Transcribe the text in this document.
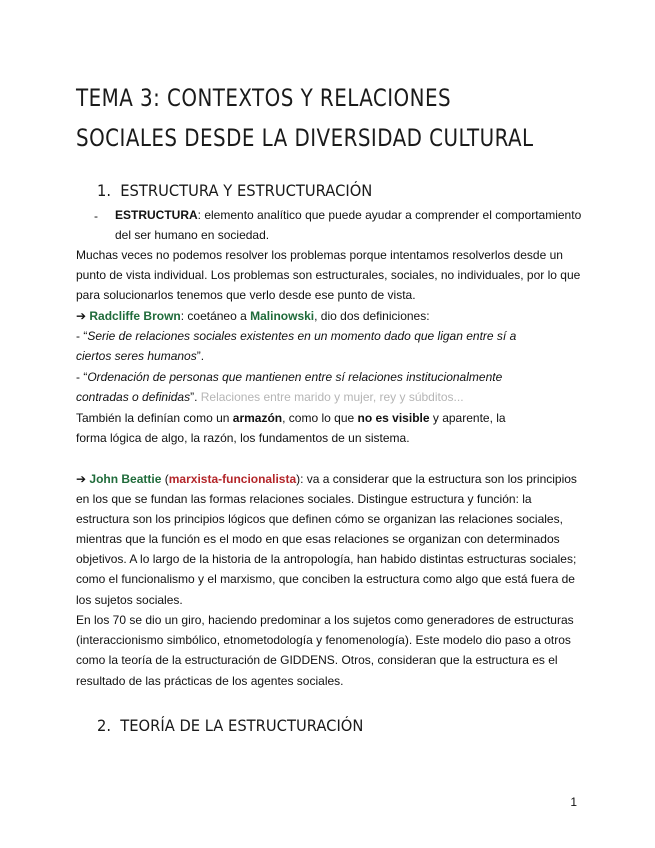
TEMA 3: CONTEXTOS Y RELACIONES SOCIALES DESDE LA DIVERSIDAD CULTURAL
1. ESTRUCTURA Y ESTRUCTURACIÓN
- ESTRUCTURA: elemento analítico que puede ayudar a comprender el comportamiento
del ser humano en sociedad.
Muchas veces no podemos resolver los problemas porque intentamos resolverlos desde un
punto de vista individual. Los problemas son estructurales, sociales, no individuales, por lo que
para solucionarlos tenemos que verlo desde ese punto de vista.
➔ Radcliffe Brown: coetáneo a Malinowski, dio dos definiciones:
- “Serie de relaciones sociales existentes en un momento dado que ligan entre sí a
ciertos seres humanos”.
- “Ordenación de personas que mantienen entre sí relaciones institucionalmente
contradas o definidas”. Relaciones entre marido y mujer, rey y súbditos...
También la definían como un armazón, como lo que no es visible y aparente, la
forma lógica de algo, la razón, los fundamentos de un sistema.
➔ John Beattie (marxista-funcionalista): va a considerar que la estructura son los principios
en los que se fundan las formas relaciones sociales. Distingue estructura y función: la
estructura son los principios lógicos que definen cómo se organizan las relaciones sociales,
mientras que la función es el modo en que esas relaciones se organizan con determinados
objetivos. A lo largo de la historia de la antropología, han habido distintas estructuras sociales;
como el funcionalismo y el marxismo, que conciben la estructura como algo que está fuera de
los sujetos sociales.
En los 70 se dio un giro, haciendo predominar a los sujetos como generadores de estructuras
(interaccionismo simbólico, etnometodología y fenomenología). Este modelo dio paso a otros
como la teoría de la estructuración de GIDDENS. Otros, consideran que la estructura es el
resultado de las prácticas de los agentes sociales.
2. TEORÍA DE LA ESTRUCTURACIÓN
1
